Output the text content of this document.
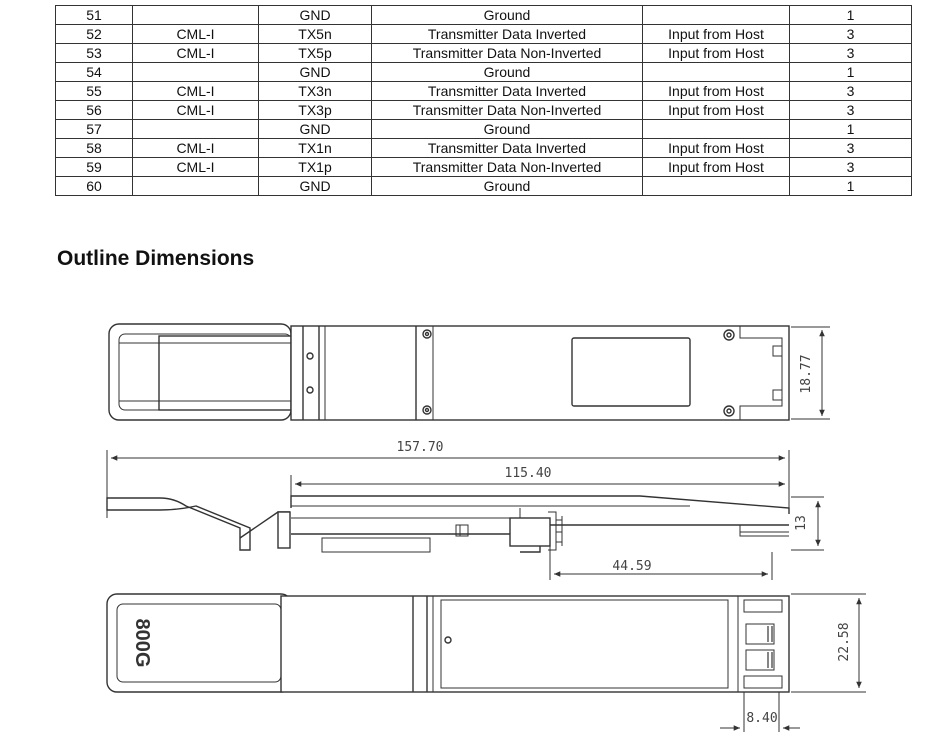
51		GND	Ground		1
52	CML-I	TX5n	Transmitter Data Inverted	Input from Host	3
53	CML-I	TX5p	Transmitter Data Non-Inverted	Input from Host	3
54		GND	Ground		1
55	CML-I	TX3n	Transmitter Data Inverted	Input from Host	3
56	CML-I	TX3p	Transmitter Data Non-Inverted	Input from Host	3
57		GND	Ground		1
58	CML-I	TX1n	Transmitter Data Inverted	Input from Host	3
59	CML-I	TX1p	Transmitter Data Non-Inverted	Input from Host	3
60		GND	Ground		1
Outline Dimensions
18.77
157.70
115.40
13
44.59
800G	22.58
8.40
